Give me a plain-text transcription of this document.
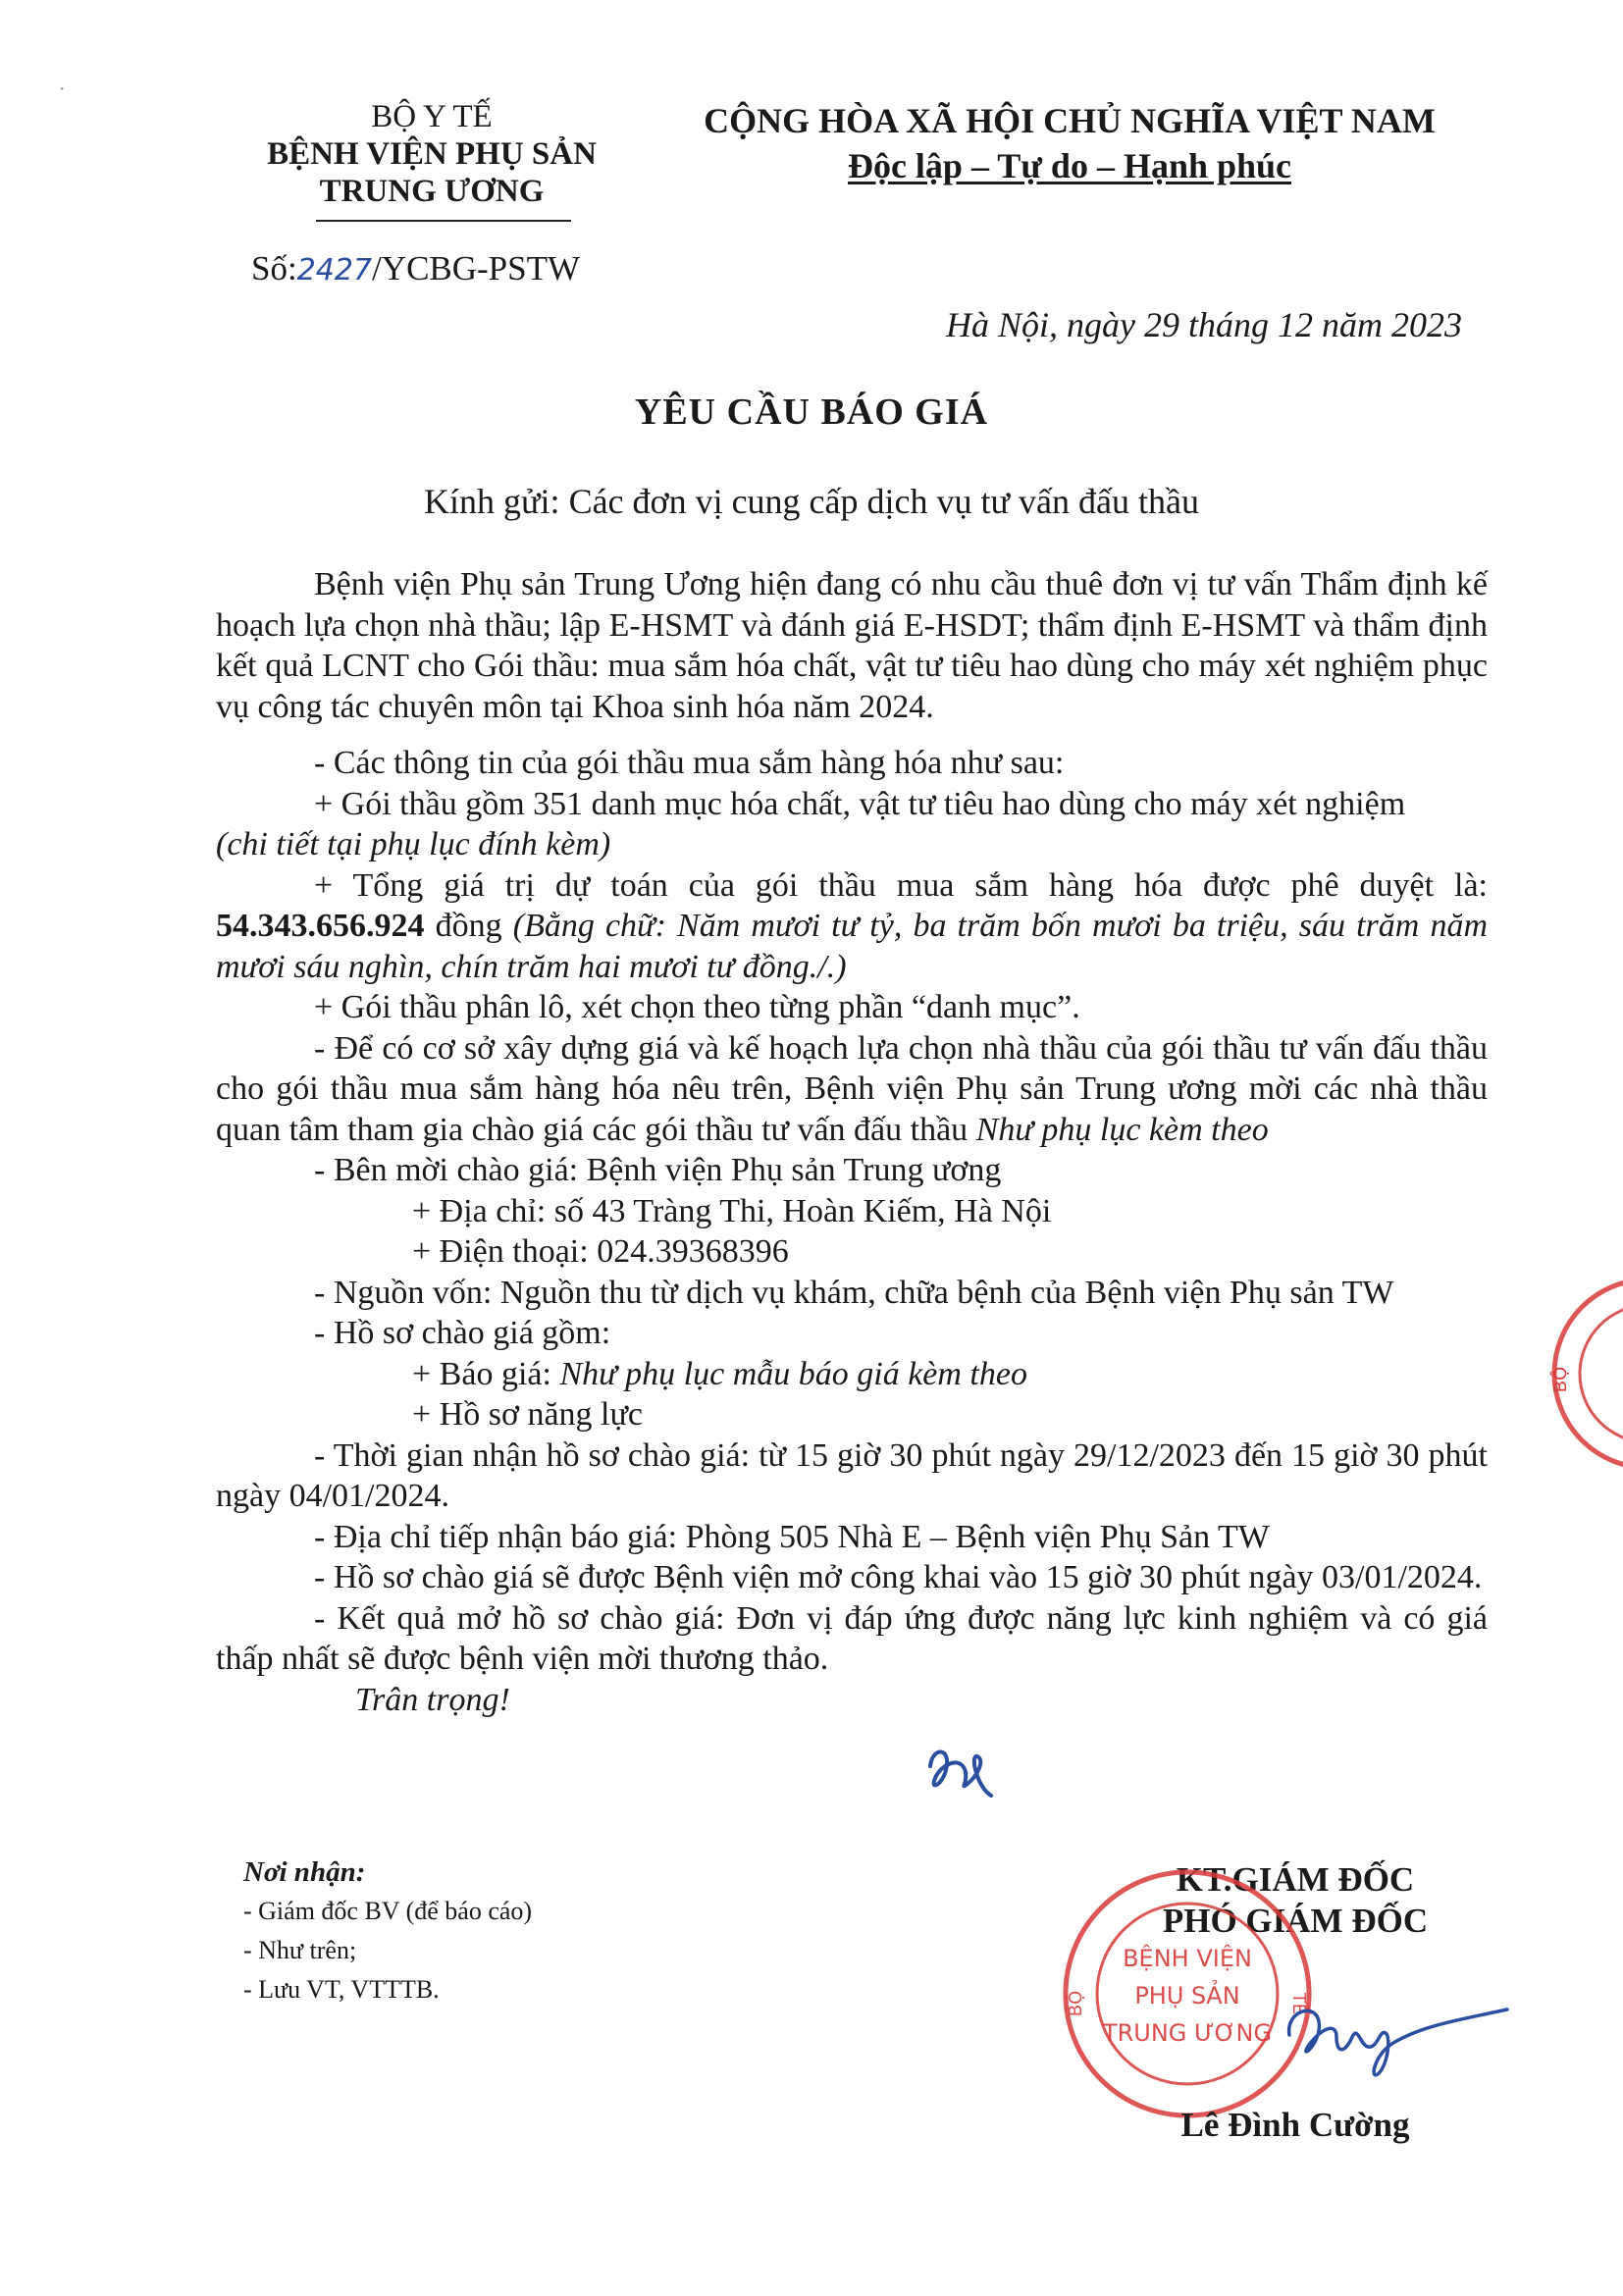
·
BỘ Y TẾ
BỆNH VIỆN PHỤ SẢN
TRUNG ƯƠNG
CỘNG HÒA XÃ HỘI CHỦ NGHĨA VIỆT NAM
Độc lập – Tự do – Hạnh phúc
Số:2427/YCBG-PSTW
Hà Nội, ngày 29 tháng 12 năm 2023
YÊU CẦU BÁO GIÁ
Kính gửi: Các đơn vị cung cấp dịch vụ tư vấn đấu thầu

Bệnh viện Phụ sản Trung Ương hiện đang có nhu cầu thuê đơn vị tư vấn Thẩm định kế hoạch lựa chọn nhà thầu; lập E-HSMT và đánh giá E-HSDT; thẩm định E-HSMT và thẩm định kết quả LCNT cho Gói thầu: mua sắm hóa chất, vật tư tiêu hao dùng cho máy xét nghiệm phục vụ công tác chuyên môn tại Khoa sinh hóa năm 2024.

- Các thông tin của gói thầu mua sắm hàng hóa như sau:

+ Gói thầu gồm 351 danh mục hóa chất, vật tư tiêu hao dùng cho máy xét nghiệm

(chi tiết tại phụ lục đính kèm)

+ Tổng giá trị dự toán của gói thầu mua sắm hàng hóa được phê duyệt là: 54.343.656.924 đồng (Bằng chữ: Năm mươi tư tỷ, ba trăm bốn mươi ba triệu, sáu trăm năm mươi sáu nghìn, chín trăm hai mươi tư đồng./.)

+ Gói thầu phân lô, xét chọn theo từng phần “danh mục”.

- Để có cơ sở xây dựng giá và kế hoạch lựa chọn nhà thầu của gói thầu tư vấn đấu thầu cho gói thầu mua sắm hàng hóa nêu trên, Bệnh viện Phụ sản Trung ương mời các nhà thầu quan tâm tham gia chào giá các gói thầu tư vấn đấu thầu Như phụ lục kèm theo

- Bên mời chào giá: Bệnh viện Phụ sản Trung ương

+ Địa chỉ: số 43 Tràng Thi, Hoàn Kiếm, Hà Nội

+ Điện thoại: 024.39368396

- Nguồn vốn: Nguồn thu từ dịch vụ khám, chữa bệnh của Bệnh viện Phụ sản TW

- Hồ sơ chào giá gồm:

+ Báo giá: Như phụ lục mẫu báo giá kèm theo

+ Hồ sơ năng lực

- Thời gian nhận hồ sơ chào giá: từ 15 giờ 30 phút ngày 29/12/2023 đến 15 giờ 30 phút ngày 04/01/2024.

- Địa chỉ tiếp nhận báo giá: Phòng 505 Nhà E – Bệnh viện Phụ Sản TW

- Hồ sơ chào giá sẽ được Bệnh viện mở công khai vào 15 giờ 30 phút ngày 03/01/2024.

- Kết quả mở hồ sơ chào giá: Đơn vị đáp ứng được năng lực kinh nghiệm và có giá thấp nhất sẽ được bệnh viện mời thương thảo.

Trân trọng!

Nơi nhận:
- Giám đốc BV (để báo cáo)
- Như trên;
- Lưu VT, VTTTB.
KT.GIÁM ĐỐC
PHÓ GIÁM ĐỐC
BỆNH VIỆN
PHỤ SẢN
TRUNG ƯƠNG
BỘ	TẾ
Lê Đình Cường
BỘ
